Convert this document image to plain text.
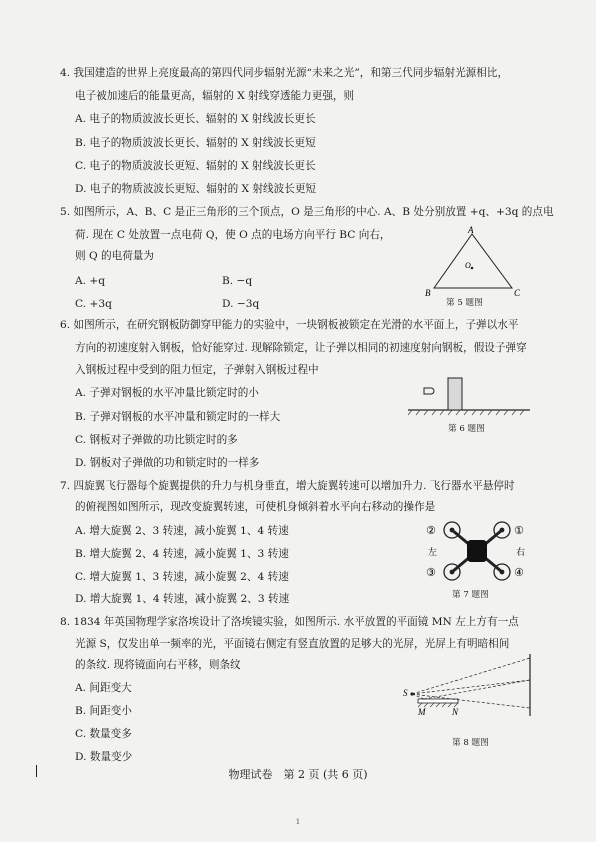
4. 我国建造的世界上亮度最高的第四代同步辐射光源“未来之光”，和第三代同步辐射光源相比，
电子被加速后的能量更高，辐射的 X 射线穿透能力更强，则
A. 电子的物质波波长更长、辐射的 X 射线波长更长
B. 电子的物质波波长更长、辐射的 X 射线波长更短
C. 电子的物质波波长更短、辐射的 X 射线波长更长
D. 电子的物质波波长更短、辐射的 X 射线波长更短
5. 如图所示，A、B、C 是正三角形的三个顶点，O 是三角形的中心. A、B 处分别放置 +q、+3q 的点电
荷. 现在 C 处放置一点电荷 Q，使 O 点的电场方向平行 BC 向右，
则 Q 的电荷量为
A. +q	B. −q
C. +3q	D. −3q
A
O
B	C
第 5 题图
6. 如图所示，在研究钢板防御穿甲能力的实验中，一块钢板被锁定在光滑的水平面上，子弹以水平
方向的初速度射入钢板，恰好能穿过. 现解除锁定，让子弹以相同的初速度射向钢板，假设子弹穿
入钢板过程中受到的阻力恒定，子弹射入钢板过程中
A. 子弹对钢板的水平冲量比锁定时的小
B. 子弹对钢板的水平冲量和锁定时的一样大
C. 钢板对子弹做的功比锁定时的多
D. 钢板对子弹做的功和锁定时的一样多
第 6 题图
7. 四旋翼飞行器每个旋翼提供的升力与机身垂直，增大旋翼转速可以增加升力. 飞行器水平悬停时
的俯视图如图所示，现改变旋翼转速，可使机身倾斜着水平向右移动的操作是
A. 增大旋翼 2、3 转速，减小旋翼 1、4 转速
B. 增大旋翼 2、4 转速，减小旋翼 1、3 转速
C. 增大旋翼 1、3 转速，减小旋翼 2、4 转速
D. 增大旋翼 1、4 转速，减小旋翼 2、3 转速
②	①
③	④
左	右
第 7 题图
8. 1834 年英国物理学家洛埃设计了洛埃镜实验，如图所示. 水平放置的平面镜 MN 左上方有一点
光源 S，仅发出单一频率的光，平面镜右侧定有竖直放置的足够大的光屏，光屏上有明暗相间
的条纹. 现将镜面向右平移，则条纹
A. 间距变大
B. 间距变小
C. 数量变多
D. 数量变少
S
M	N
第 8 题图
物理试卷　第 2 页 (共 6 页)
1
